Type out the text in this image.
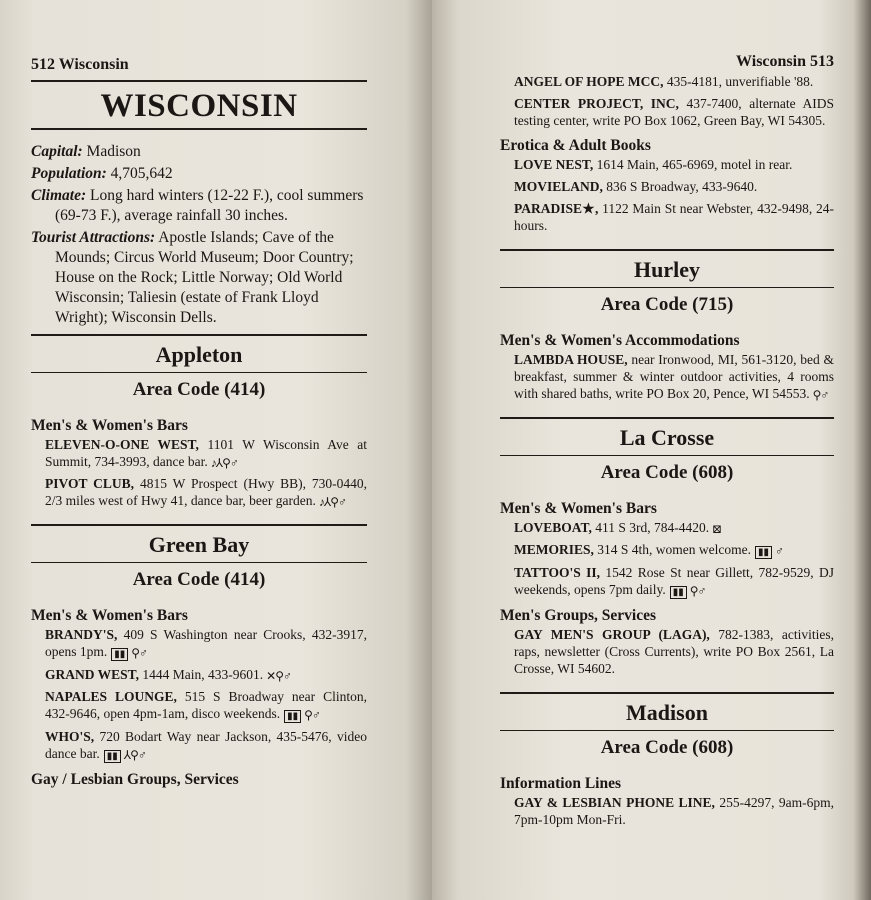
512 Wisconsin
WISCONSIN
Capital: Madison
Population: 4,705,642
Climate: Long hard winters (12-22 F.), cool summers (69-73 F.), average rainfall 30 inches.
Tourist Attractions: Apostle Islands; Cave of the Mounds; Circus World Museum; Door Country; House on the Rock; Little Norway; Old World Wisconsin; Taliesin (estate of Frank Lloyd Wright); Wisconsin Dells.
Appleton
Area Code (414)
Men's & Women's Bars
ELEVEN-O-ONE WEST, 1101 W Wisconsin Ave at Summit, 734-3993, dance bar. ♪⅄⚲♂
PIVOT CLUB, 4815 W Prospect (Hwy BB), 730-0440, 2/3 miles west of Hwy 41, dance bar, beer garden. ♪⅄⚲♂
Green Bay
Area Code (414)
Men's & Women's Bars
BRANDY'S, 409 S Washington near Crooks, 432-3917, opens 1pm. ▮▮ ⚲♂
GRAND WEST, 1444 Main, 433-9601. ✕⚲♂
NAPALES LOUNGE, 515 S Broadway near Clinton, 432-9646, open 4pm-1am, disco weekends. ▮▮ ⚲♂
WHO'S, 720 Bodart Way near Jackson, 435-5476, video dance bar. ▮▮ ⅄⚲♂
Gay / Lesbian Groups, Services
Wisconsin 513
ANGEL OF HOPE MCC, 435-4181, unverifiable '88.
CENTER PROJECT, INC, 437-7400, alternate AIDS testing center, write PO Box 1062, Green Bay, WI 54305.
Erotica & Adult Books
LOVE NEST, 1614 Main, 465-6969, motel in rear.
MOVIELAND, 836 S Broadway, 433-9640.
PARADISE★, 1122 Main St near Webster, 432-9498, 24-hours.
Hurley
Area Code (715)
Men's & Women's Accommodations
LAMBDA HOUSE, near Ironwood, MI, 561-3120, bed & breakfast, summer & winter outdoor activities, 4 rooms with shared baths, write PO Box 20, Pence, WI 54553. ⚲♂
La Crosse
Area Code (608)
Men's & Women's Bars
LOVEBOAT, 411 S 3rd, 784-4420. ⊠
MEMORIES, 314 S 4th, women welcome. ▮▮ ♂
TATTOO'S II, 1542 Rose St near Gillett, 782-9529, DJ weekends, opens 7pm daily. ▮▮ ⚲♂
Men's Groups, Services
GAY MEN'S GROUP (LAGA), 782-1383, activities, raps, newsletter (Cross Currents), write PO Box 2561, La Crosse, WI 54602.
Madison
Area Code (608)
Information Lines
GAY & LESBIAN PHONE LINE, 255-4297, 9am-6pm, 7pm-10pm Mon-Fri.
